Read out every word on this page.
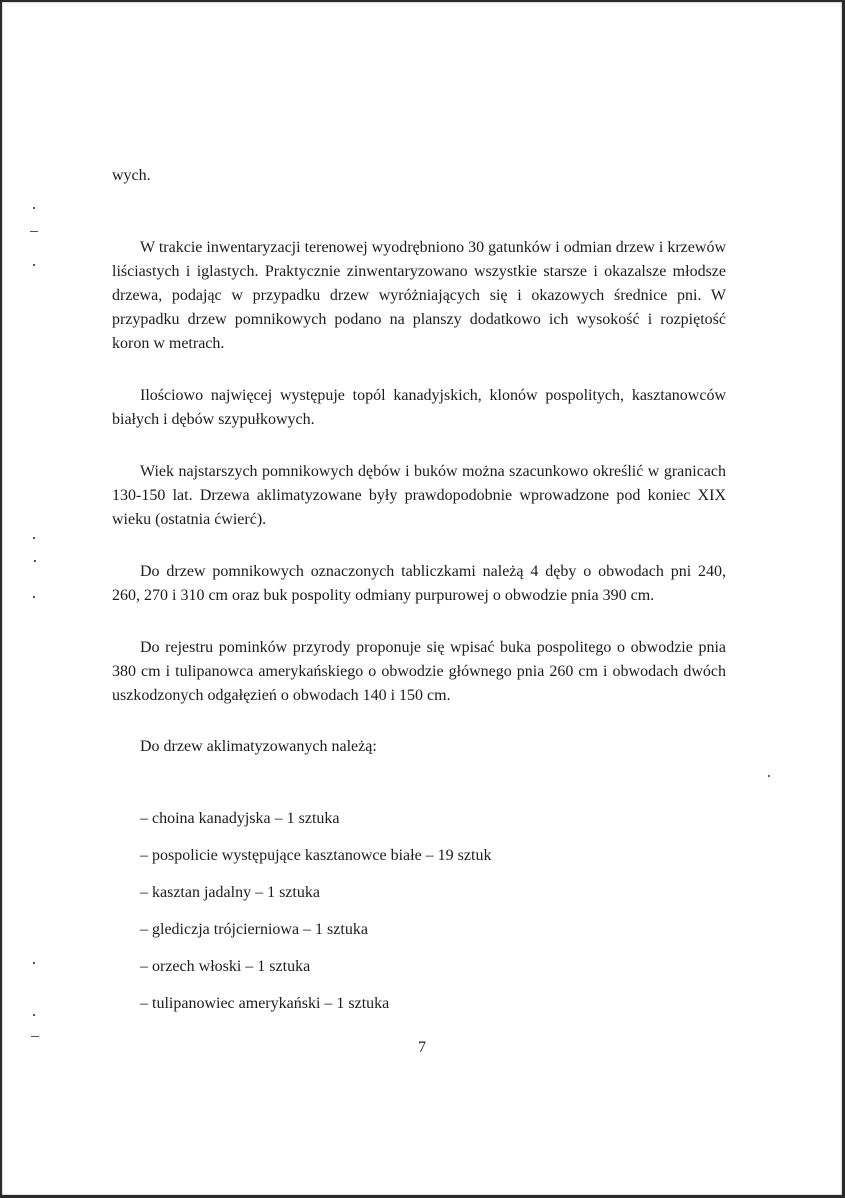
wych.

W trakcie inwentaryzacji terenowej wyodrębniono 30 gatunków i odmian drzew i krzewów liściastych i iglastych. Praktycznie zinwentaryzowano wszystkie starsze i okazalsze młodsze drzewa, podając w przypadku drzew wyróżniających się i okazowych średnice pni. W przypadku drzew pomnikowych podano na planszy dodatkowo ich wysokość i rozpiętość koron w metrach.

Ilościowo najwięcej występuje topól kanadyjskich, klonów pospolitych, kasztanowców białych i dębów szypułkowych.

Wiek najstarszych pomnikowych dębów i buków można szacunkowo określić w granicach 130-150 lat. Drzewa aklimatyzowane były prawdopodobnie wprowadzone pod koniec XIX wieku (ostatnia ćwierć).

Do drzew pomnikowych oznaczonych tabliczkami należą 4 dęby o obwodach pni 240, 260, 270 i 310 cm oraz buk pospolity odmiany purpurowej o obwodzie pnia 390 cm.

Do rejestru pominków przyrody proponuje się wpisać buka pospolitego o obwodzie pnia 380 cm i tulipanowca amerykańskiego o obwodzie głównego pnia 260 cm i obwodach dwóch uszkodzonych odgałęzień o obwodach 140 i 150 cm.

Do drzew aklimatyzowanych należą:

– choina kanadyjska – 1 sztuka
– pospolicie występujące kasztanowce białe – 19 sztuk
– kasztan jadalny – 1 sztuka
– glediczja trójcierniowa – 1 sztuka
– orzech włoski – 1 sztuka
– tulipanowiec amerykański – 1 sztuka
7
